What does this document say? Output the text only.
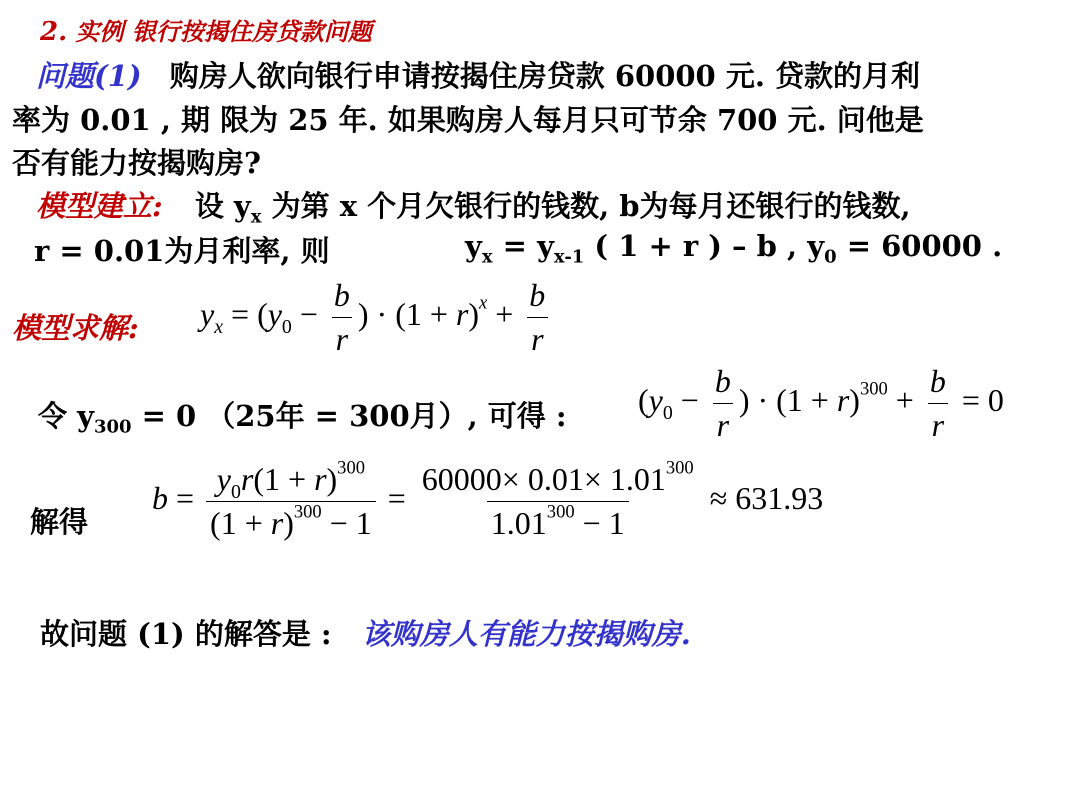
2. 实例 银行按揭住房贷款问题
问题(1) 购房人欲向银行申请按揭住房贷款 60000 元. 贷款的月利
率为 0.01 , 期 限为 25 年. 如果购房人每月只可节余 700 元. 问他是
否有能力按揭购房?
模型建立: 设 $y_x$ 为第 x 个月欠银行的钱数, b为每月还银行的钱数,
r = 0.01为月利率, 则	$y_x = y_{x-1}$ ( 1 + r ) – b , $y_0 = 60000$ .
模型求解: $y_x = (y_0 - \frac{b}{r}$ ) · $(1 + r)^x + \frac{b}{r}$
令 $y_{300} = 0$ （25年 = 300月）, 可得 : ($y_0 - \frac{b}{r}$ ) · $(1 + r)^{300} + \frac{b}{r} = 0$
解得
$b = \frac{y_0r(1 + r)^{300}}{(1 + r)^{300} - 1} = \frac{60000\times 0.01\times 1.01^{300}}{1.01^{300} - 1} \approx 631.93$
故问题 (1) 的解答是 : 该购房人有能力按揭购房.
